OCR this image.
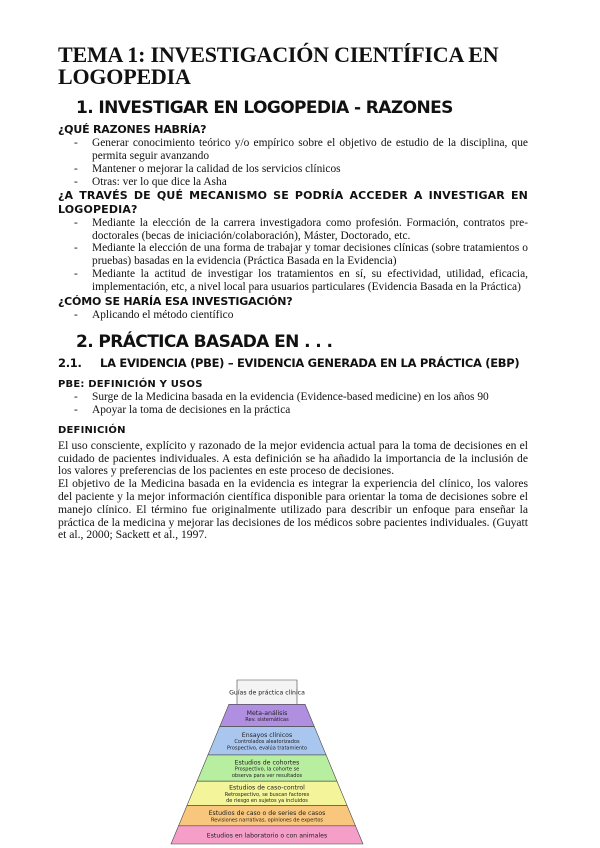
TEMA 1: INVESTIGACIÓN CIENTÍFICA EN LOGOPEDIA
1. INVESTIGAR EN LOGOPEDIA - RAZONES
¿QUÉ RAZONES HABRÍA?
- Generar conocimiento teórico y/o empírico sobre el objetivo de estudio de la disciplina, que permita seguir avanzando
- Mantener o mejorar la calidad de los servicios clínicos
- Otras: ver lo que dice la Asha
¿A TRAVÉS DE QUÉ MECANISMO SE PODRÍA ACCEDER A INVESTIGAR EN LOGOPEDIA?
- Mediante la elección de la carrera investigadora como profesión. Formación, contratos pre-doctorales (becas de iniciación/colaboración), Máster, Doctorado, etc.
- Mediante la elección de una forma de trabajar y tomar decisiones clínicas (sobre tratamientos o pruebas) basadas en la evidencia (Práctica Basada en la Evidencia)
- Mediante la actitud de investigar los tratamientos en sí, su efectividad, utilidad, eficacia, implementación, etc, a nivel local para usuarios particulares (Evidencia Basada en la Práctica)
¿CÓMO SE HARÍA ESA INVESTIGACIÓN?
- Aplicando el método científico
2. PRÁCTICA BASADA EN . . .
2.1.     LA EVIDENCIA (PBE) – EVIDENCIA GENERADA EN LA PRÁCTICA (EBP)
PBE: DEFINICIÓN Y USOS
- Surge de la Medicina basada en la evidencia (Evidence-based medicine) en los años 90
- Apoyar la toma de decisiones en la práctica
DEFINICIÓN

El uso consciente, explícito y razonado de la mejor evidencia actual para la toma de decisiones en el cuidado de pacientes individuales. A esta definición se ha añadido la importancia de la inclusión de los valores y preferencias de los pacientes en este proceso de decisiones.

El objetivo de la Medicina basada en la evidencia es integrar la experiencia del clínico, los valores del paciente y la mejor información científica disponible para orientar la toma de decisiones sobre el manejo clínico. El término fue originalmente utilizado para describir un enfoque para enseñar la práctica de la medicina y mejorar las decisiones de los médicos sobre pacientes individuales. (Guyatt et al., 2000; Sackett et al., 1997.

Guías de práctica clínica
Meta-análisis
Rev. sistemáticas
Ensayos clínicos
Controlados aleatorizados
Prospectivo, evalúa tratamiento
Estudios de cohortes
Prospectivo, la cohorte se
observa para ver resultados
Estudios de caso-control
Retrospectivo, se buscan factores
de riesgo en sujetos ya incluidos
Estudios de caso o de series de casos
Revisiones narrativas, opiniones de expertos
Estudios en laboratorio o con animales
